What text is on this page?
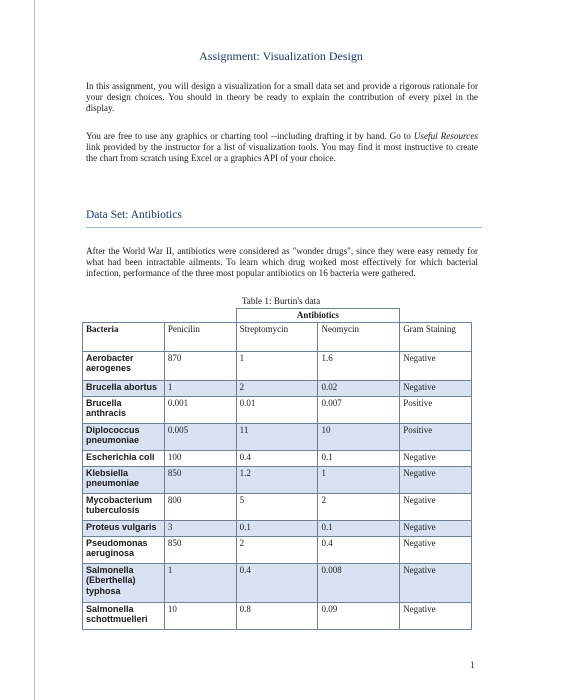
Assignment: Visualization Design

In this assignment, you will design a visualization for a small data set and provide a rigorous rationale for your design choices. You should in theory be ready to explain the contribution of every pixel in the display.

You are free to use any graphics or charting tool --including drafting it by hand. Go to Useful Resources link provided by the instructor for a list of visualization tools. You may find it most instructive to create the chart from scratch using Excel or a graphics API of your choice.

Data Set: Antibiotics

After the World War II, antibiotics were considered as "wonder drugs", since they were easy remedy for what had been intractable ailments. To learn which drug worked most effectively for which bacterial infection, performance of the three most popular antibiotics on 16 bacteria were gathered.

Table 1: Burtin's data
		Antibiotics		
Bacteria	Penicilin	Streptomycin	Neomycin	Gram Staining
Aerobacter aerogenes	870	1	1.6	Negative
Brucella abortus	1	2	0.02	Negative
Brucella anthracis	0.001	0.01	0.007	Positive
Diplococcus pneumoniae	0.005	11	10	Positive
Escherichia coli	100	0.4	0.1	Negative
Klebsiella pneumoniae	850	1.2	1	Negative
Mycobacterium tuberculosis	800	5	2	Negative
Proteus vulgaris	3	0.1	0.1	Negative
Pseudomonas aeruginosa	850	2	0.4	Negative
Salmonella (Eberthella) typhosa	1	0.4	0.008	Negative
Salmonella schottmuelleri	10	0.8	0.09	Negative
1
